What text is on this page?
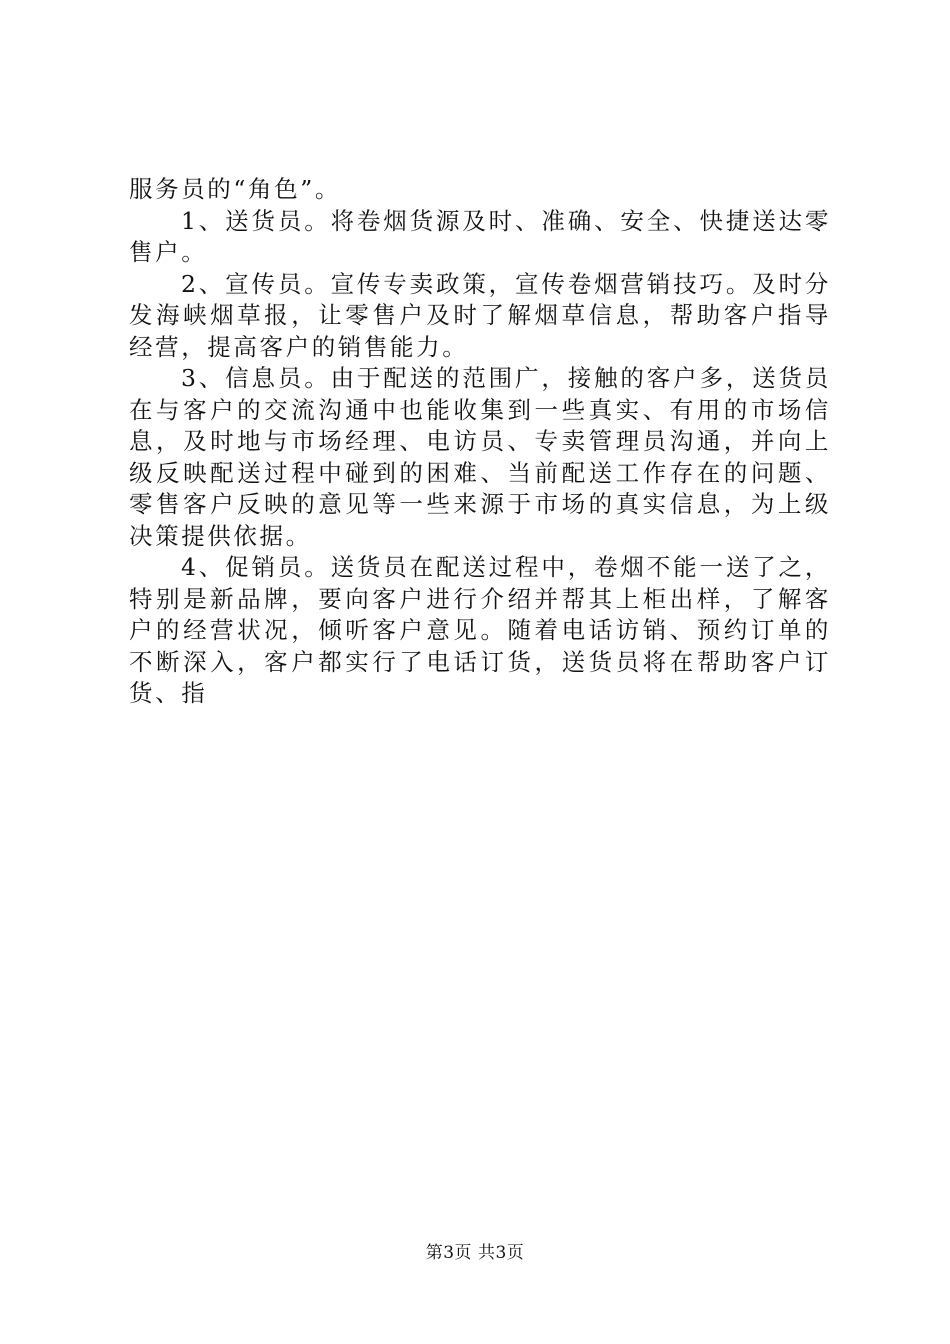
服务员的“角色”。

1、送货员。将卷烟货源及时、准确、安全、快捷送达零售户。

2、宣传员。宣传专卖政策，宣传卷烟营销技巧。及时分发海峡烟草报，让零售户及时了解烟草信息，帮助客户指导经营，提高客户的销售能力。

3、信息员。由于配送的范围广，接触的客户多，送货员在与客户的交流沟通中也能收集到一些真实、有用的市场信息，及时地与市场经理、电访员、专卖管理员沟通，并向上级反映配送过程中碰到的困难、当前配送工作存在的问题、零售客户反映的意见等一些来源于市场的真实信息，为上级决策提供依据。

4、促销员。送货员在配送过程中，卷烟不能一送了之，特别是新品牌，要向客户进行介绍并帮其上柜出样，了解客户的经营状况，倾听客户意见。随着电话访销、预约订单的不断深入，客户都实行了电话订货，送货员将在帮助客户订货、指

第3页 共3页
